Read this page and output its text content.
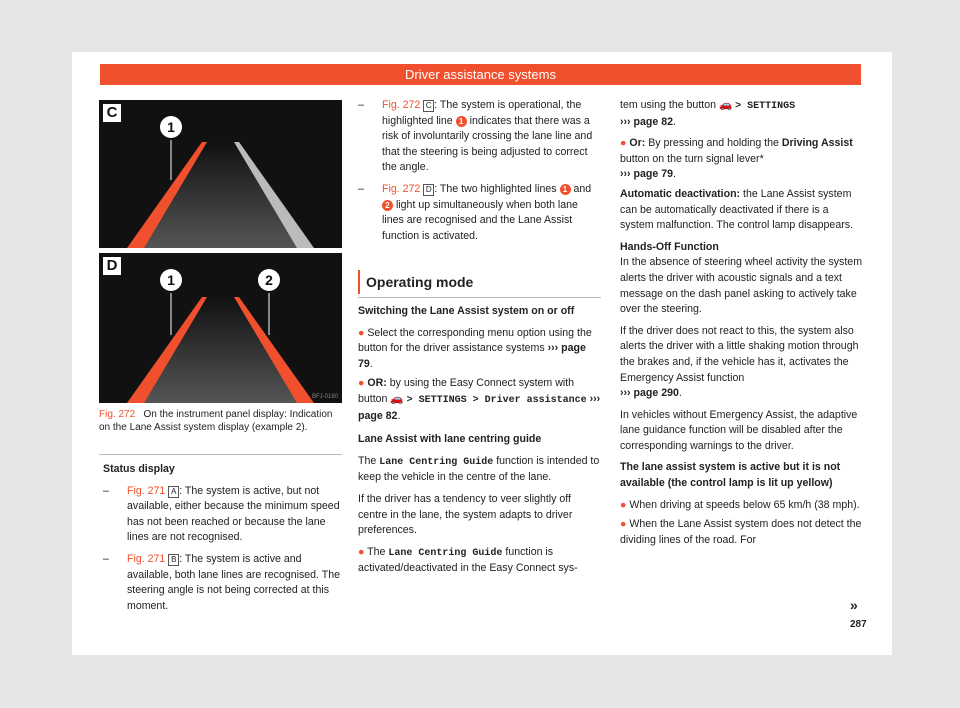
Driver assistance systems
1
C
1	2
D
BFJ-0160
Fig. 272 On the instrument panel display: Indication on the Lane Assist system display (example 2).
Status display
– Fig. 271 A : The system is active, but not available, either because the minimum speed has not been reached or because the lane lines are not recognised.
– Fig. 271 B : The system is active and available, both lane lines are recognised. The steering angle is not being corrected at this moment.
– Fig. 272 C : The system is operational, the highlighted line 1 indicates that there was a risk of involuntarily crossing the lane line and that the steering is being adjusted to correct the angle.
– Fig. 272 D : The two highlighted lines 1 and 2 light up simultaneously when both lane lines are recognised and the Lane Assist function is activated.
Operating mode
Switching the Lane Assist system on or off
● Select the corresponding menu option using the button for the driver assistance systems ››› page 79.
● OR: by using the Easy Connect system with button 🚗 > SETTINGS > Driver assistance ››› page 82.
Lane Assist with lane centring guide
The Lane Centring Guide function is intended to keep the vehicle in the centre of the lane.
If the driver has a tendency to veer slightly off centre in the lane, the system adapts to driver preferences.
● The Lane Centring Guide function is activated/deactivated in the Easy Connect sys-
tem using the button 🚗 > SETTINGS
››› page 82.
● Or: By pressing and holding the Driving Assist button on the turn signal lever*
››› page 79.
Automatic deactivation: the Lane Assist system can be automatically deactivated if there is a system malfunction. The control lamp disappears.
Hands-Off Function
In the absence of steering wheel activity the system alerts the driver with acoustic signals and a text message on the dash panel asking to actively take over the steering.
If the driver does not react to this, the system also alerts the driver with a little shaking motion through the brakes and, if the vehicle has it, activates the Emergency Assist function
››› page 290.
In vehicles without Emergency Assist, the adaptive lane guidance function will be disabled after the corresponding warnings to the driver.
The lane assist system is active but it is not available (the control lamp is lit up yellow)
● When driving at speeds below 65 km/h (38 mph).
● When the Lane Assist system does not detect the dividing lines of the road. For
»
287
